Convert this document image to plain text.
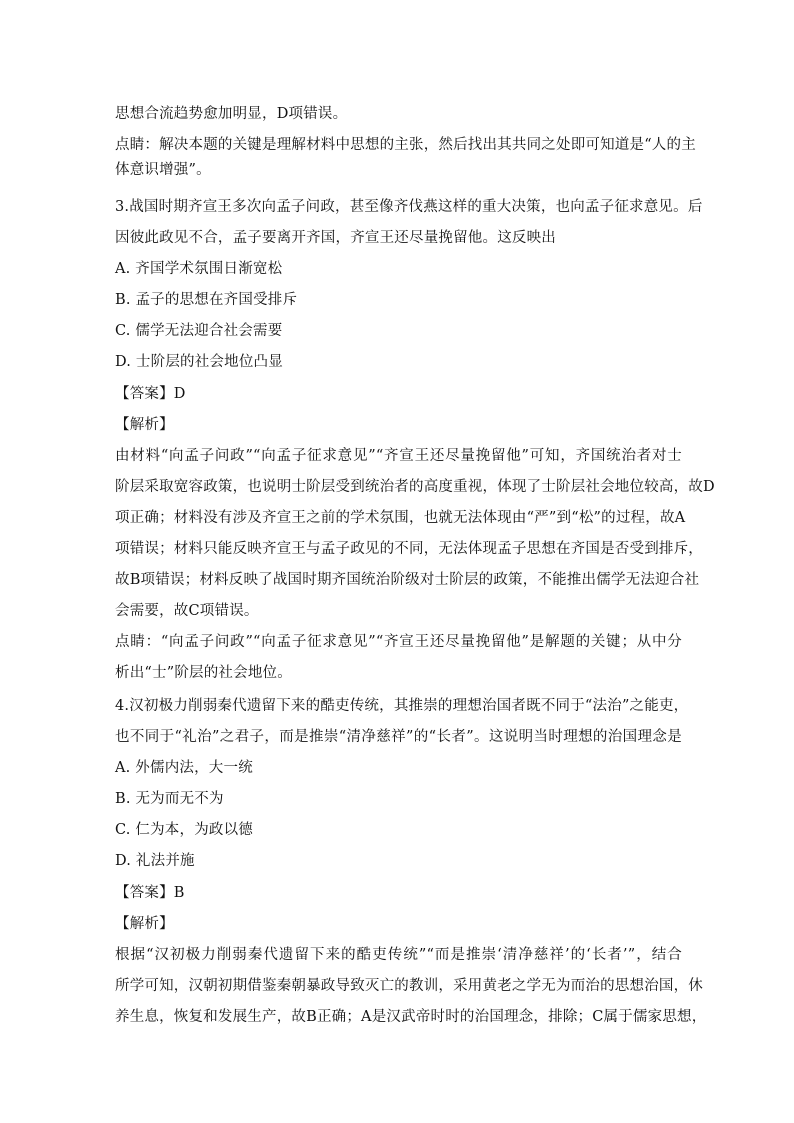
思想合流趋势愈加明显，D项错误。
点睛：解决本题的关键是理解材料中思想的主张，然后找出其共同之处即可知道是“人的主
体意识增强”。
3.战国时期齐宣王多次向孟子问政，甚至像齐伐燕这样的重大决策，也向孟子征求意见。后
因彼此政见不合，孟子要离开齐国，齐宣王还尽量挽留他。这反映出
A. 齐国学术氛围日渐宽松
B. 孟子的思想在齐国受排斥
C. 儒学无法迎合社会需要
D. 士阶层的社会地位凸显
【答案】D
【解析】
由材料“向孟子问政”“向孟子征求意见”“齐宣王还尽量挽留他”可知，齐国统治者对士
阶层采取宽容政策，也说明士阶层受到统治者的高度重视，体现了士阶层社会地位较高，故D
项正确；材料没有涉及齐宣王之前的学术氛围，也就无法体现由“严”到“松”的过程，故A
项错误；材料只能反映齐宣王与孟子政见的不同，无法体现孟子思想在齐国是否受到排斥，
故B项错误；材料反映了战国时期齐国统治阶级对士阶层的政策，不能推出儒学无法迎合社
会需要，故C项错误。
点睛：“向孟子问政”“向孟子征求意见”“齐宣王还尽量挽留他”是解题的关键；从中分
析出“士”阶层的社会地位。
4.汉初极力削弱秦代遗留下来的酷吏传统，其推崇的理想治国者既不同于“法治”之能吏，
也不同于“礼治”之君子，而是推崇“清净慈祥”的“长者”。这说明当时理想的治国理念是
A. 外儒内法，大一统
B. 无为而无不为
C. 仁为本，为政以德
D. 礼法并施
【答案】B
【解析】
根据“汉初极力削弱秦代遗留下来的酷吏传统”“而是推崇‘清净慈祥’的‘长者’”，结合
所学可知，汉朝初期借鉴秦朝暴政导致灭亡的教训，采用黄老之学无为而治的思想治国，休
养生息，恢复和发展生产，故B正确；A是汉武帝时时的治国理念，排除；C属于儒家思想，
